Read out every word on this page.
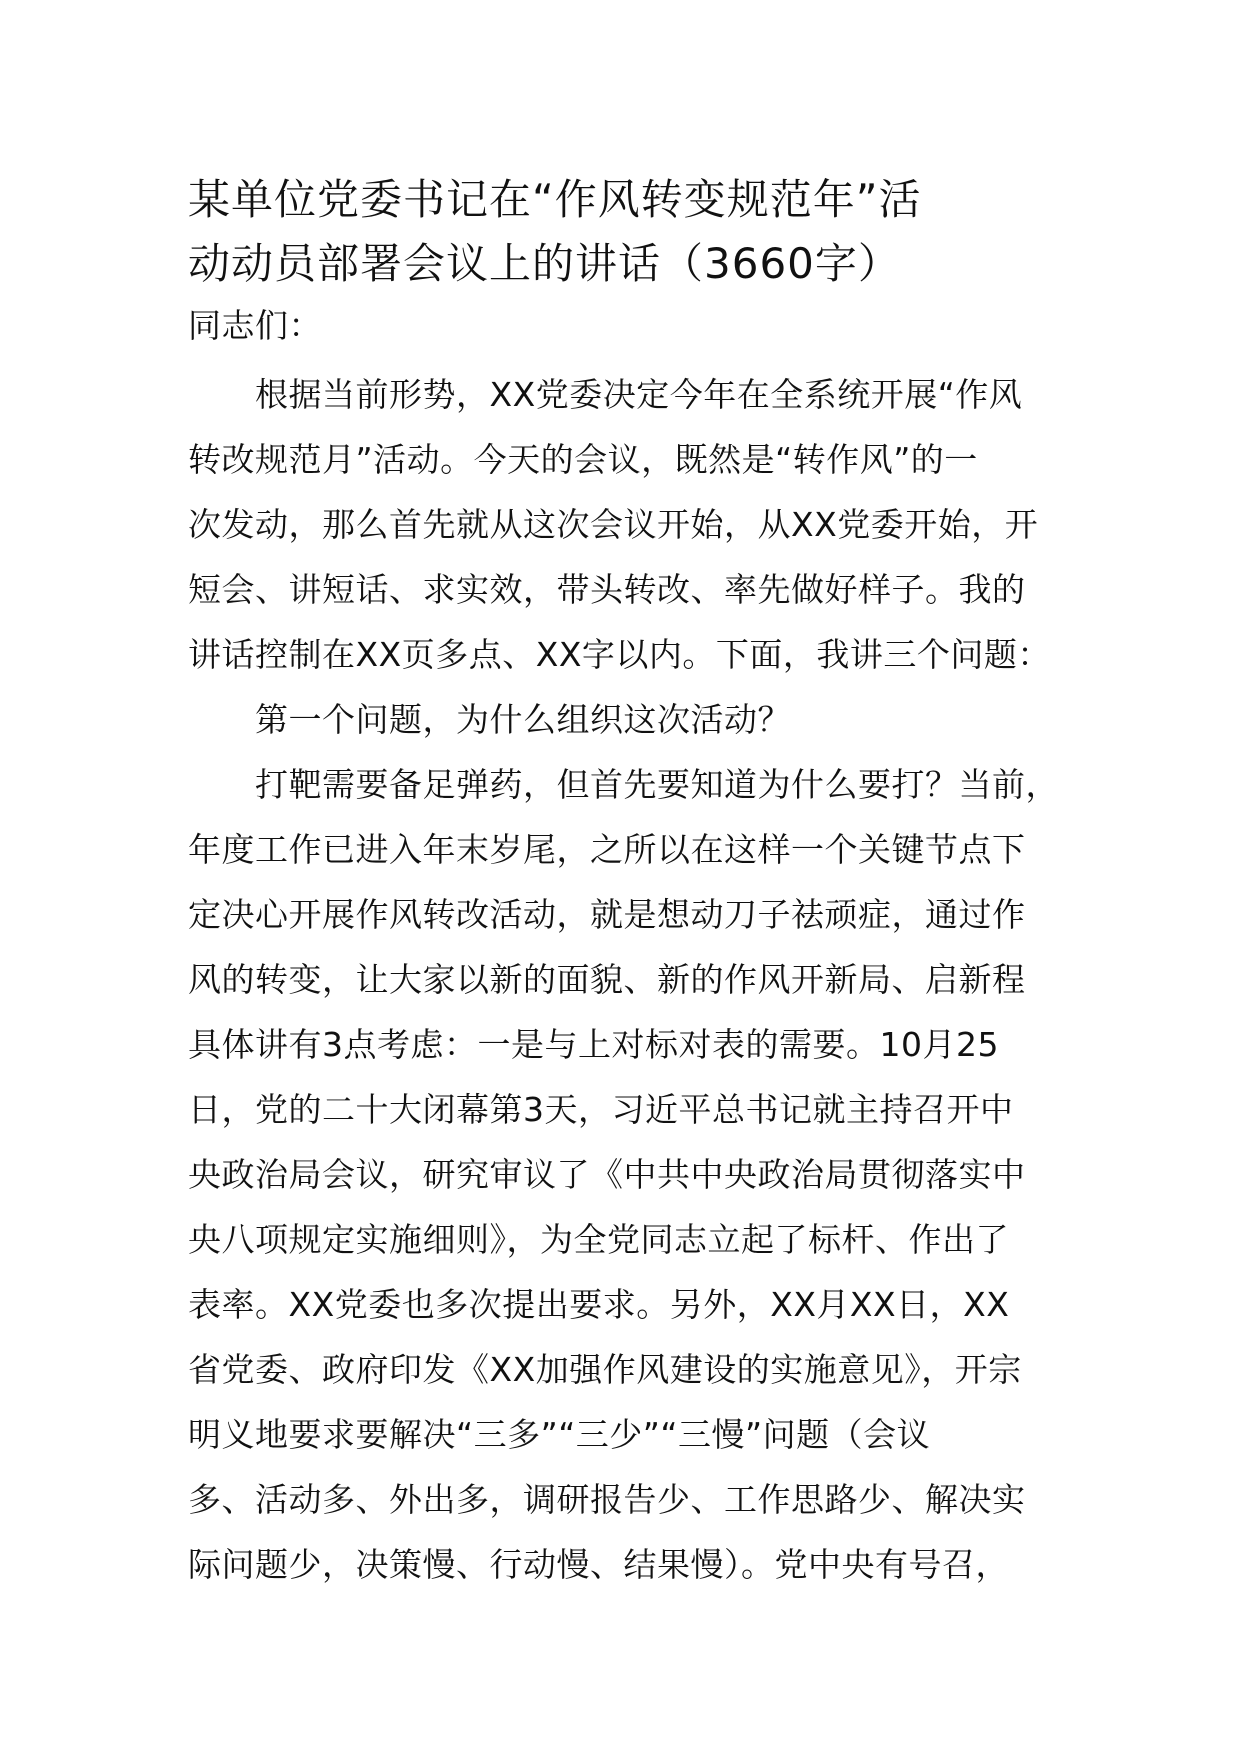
某单位党委书记在“作风转变规范年”活
动动员部署会议上的讲话（3660字）
同志们：
根据当前形势，XX党委决定今年在全系统开展“作风
转改规范月”活动。今天的会议，既然是“转作风”的一
次发动，那么首先就从这次会议开始，从XX党委开始，开
短会、讲短话、求实效，带头转改、率先做好样子。我的
讲话控制在XX页多点、XX字以内。下面，我讲三个问题：
第一个问题，为什么组织这次活动？
打靶需要备足弹药，但首先要知道为什么要打？当前，
年度工作已进入年末岁尾，之所以在这样一个关键节点下
定决心开展作风转改活动，就是想动刀子祛顽症，通过作
风的转变，让大家以新的面貌、新的作风开新局、启新程
具体讲有3点考虑：一是与上对标对表的需要。10月25
日，党的二十大闭幕第3天，习近平总书记就主持召开中
央政治局会议，研究审议了《中共中央政治局贯彻落实中
央八项规定实施细则》，为全党同志立起了标杆、作出了
表率。XX党委也多次提出要求。另外，XX月XX日，XX
省党委、政府印发《XX加强作风建设的实施意见》，开宗
明义地要求要解决“三多”“三少”“三慢”问题（会议
多、活动多、外出多，调研报告少、工作思路少、解决实
际问题少，决策慢、行动慢、结果慢）。党中央有号召，
